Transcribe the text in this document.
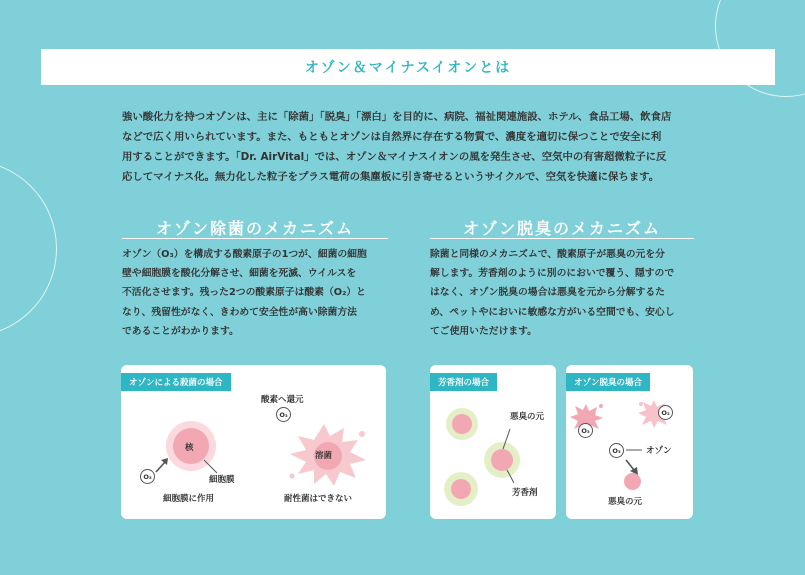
オゾン＆マイナスイオンとは

強い酸化力を持つオゾンは、主に「除菌」「脱臭」「漂白」を目的に、病院、福祉関連施設、ホテル、食品工場、飲食店

などで広く用いられています。また、もともとオゾンは自然界に存在する物質で、濃度を適切に保つことで安全に利

用することができます。「Dr. AirVital」では、オゾン＆マイナスイオンの風を発生させ、空気中の有害超微粒子に反

応してマイナス化。無力化した粒子をプラス電荷の集塵板に引き寄せるというサイクルで、空気を快適に保ちます。

オゾン除菌のメカニズム

オゾン（O₃）を構成する酸素原子の1つが、細菌の細胞

壁や細胞膜を酸化分解させ、細菌を死滅、ウイルスを

不活化させます。残った2つの酸素原子は酸素（O₂）と

なり、残留性がなく、きわめて安全性が高い除菌方法

であることがわかります。

オゾン脱臭のメカニズム

除菌と同様のメカニズムで、酸素原子が悪臭の元を分

解します。芳香剤のように別のにおいで覆う、隠すので

はなく、オゾン脱臭の場合は悪臭を元から分解するた

め、ペットやにおいに敏感な方がいる空間でも、安心し

てご使用いただけます。

オゾンによる殺菌の場合
核
細胞膜
O₃
細胞膜に作用
酸素へ還元
O₃
溶菌
耐性菌はできない
芳香剤の場合
悪臭の元
芳香剤
オゾン脱臭の場合
O₃
O₃
O₃	オゾン
悪臭の元
